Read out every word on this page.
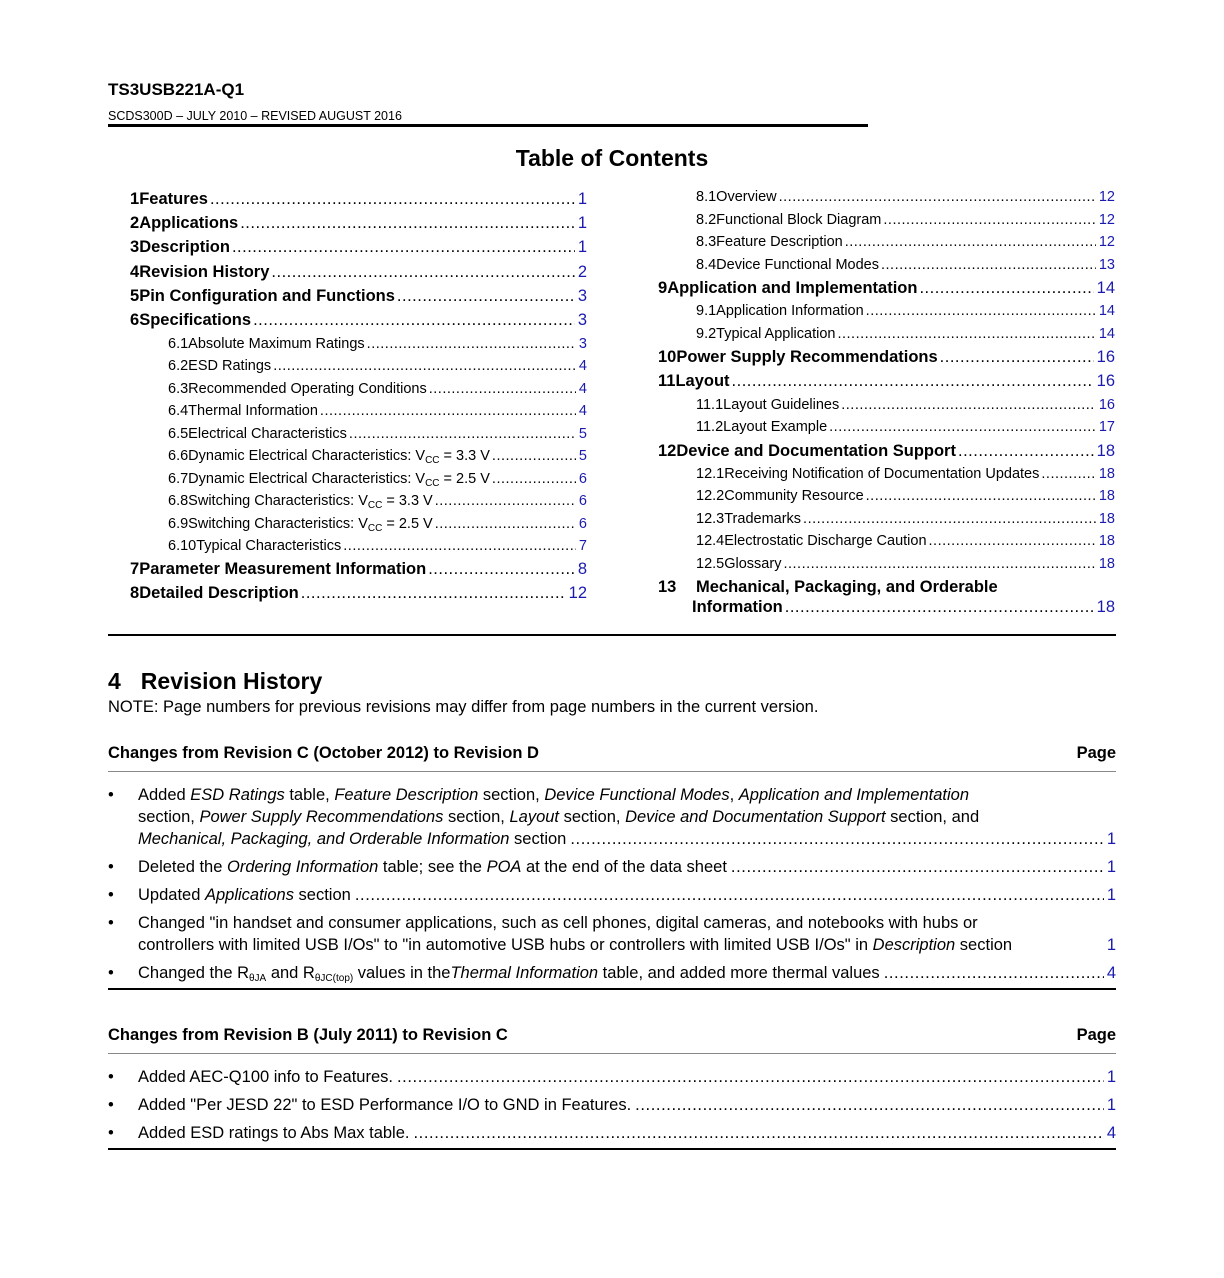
TS3USB221A-Q1
SCDS300D – JULY 2010 – REVISED AUGUST 2016
Table of Contents
1 Features .....	1
2 Applications .....	1
3 Description .....	1
4 Revision History .....	2
5 Pin Configuration and Functions .....	3
6 Specifications .....	3
6.1 Absolute Maximum Ratings .....	3
6.2 ESD Ratings .....	4
6.3 Recommended Operating Conditions .....	4
6.4 Thermal Information .....	4
6.5 Electrical Characteristics .....	5
6.6 Dynamic Electrical Characteristics: $V_{CC} = 3.3$ V .....	5
6.7 Dynamic Electrical Characteristics: $V_{CC} = 2.5$ V .....	6
6.8 Switching Characteristics: $V_{CC} = 3.3$ V .....	6
6.9 Switching Characteristics: $V_{CC} = 2.5$ V .....	6
6.10 Typical Characteristics .....	7
7 Parameter Measurement Information .....	8
8 Detailed Description .....	12
8.1 Overview .....	12
8.2 Functional Block Diagram .....	12
8.3 Feature Description .....	12
8.4 Device Functional Modes .....	13
9 Application and Implementation .....	14
9.1 Application Information .....	14
9.2 Typical Application .....	14
10 Power Supply Recommendations .....	16
11 Layout .....	16
11.1 Layout Guidelines .....	16
11.2 Layout Example .....	17
12 Device and Documentation Support .....	18
12.1 Receiving Notification of Documentation Updates .....	18
12.2 Community Resource .....	18
12.3 Trademarks .....	18
12.4 Electrostatic Discharge Caution .....	18
12.5 Glossary .....	18
13	Mechanical, Packaging, and Orderable
Information .....	18
4 Revision History
NOTE: Page numbers for previous revisions may differ from page numbers in the current version.
Changes from Revision C (October 2012) to Revision D	Page
• Added ESD Ratings table, Feature Description section, Device Functional Modes, Application and Implementation
section, Power Supply Recommendations section, Layout section, Device and Documentation Support section, and
Mechanical, Packaging, and Orderable Information section .....	1
• Deleted the Ordering Information table; see the POA at the end of the data sheet .....	1
• Updated Applications section .....	1
• Changed "in handset and consumer applications, such as cell phones, digital cameras, and notebooks with hubs or
controllers with limited USB I/Os" to "in automotive USB hubs or controllers with limited USB I/Os" in Description section	1
• Changed the $R_{\theta JA}$ and $R_{\theta JC(top)}$ values in theThermal Information table, and added more thermal values .....	4
Changes from Revision B (July 2011) to Revision C	Page
• Added AEC-Q100 info to Features. .....	1
• Added "Per JESD 22" to ESD Performance I/O to GND in Features. .....	1
• Added ESD ratings to Abs Max table. .....	4
